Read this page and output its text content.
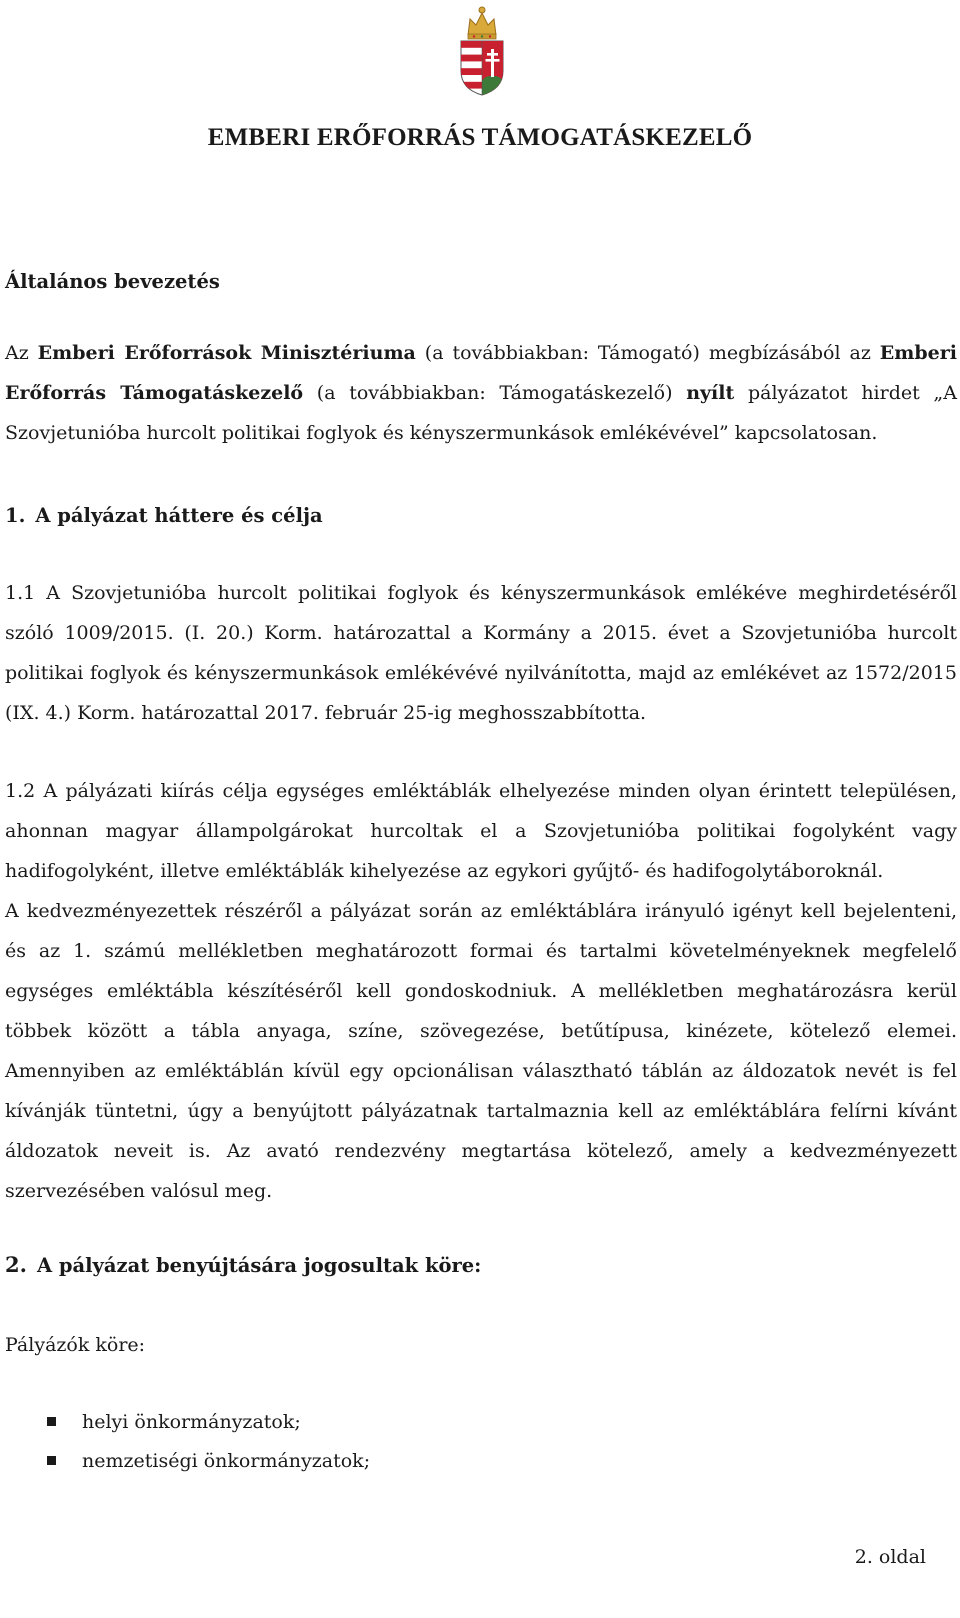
EMBERI ERŐFORRÁS TÁMOGATÁSKEZELŐ
Általános bevezetés

Az Emberi Erőforrások Minisztériuma (a továbbiakban: Támogató) megbízásából az Emberi Erőforrás Támogatáskezelő (a továbbiakban: Támogatáskezelő) nyílt pályázatot hirdet „A Szovjetunióba hurcolt politikai foglyok és kényszermunkások emlékévével” kapcsolatosan.

1. A pályázat háttere és célja

1.1 A Szovjetunióba hurcolt politikai foglyok és kényszermunkások emlékéve meghirdetéséről szóló 1009/2015. (I. 20.) Korm. határozattal a Kormány a 2015. évet a Szovjetunióba hurcolt politikai foglyok és kényszermunkások emlékévévé nyilvánította, majd az emlékévet az 1572/2015 (IX. 4.) Korm. határozattal 2017. február 25-ig meghosszabbította.

1.2 A pályázati kiírás célja egységes emléktáblák elhelyezése minden olyan érintett településen, ahonnan magyar állampolgárokat hurcoltak el a Szovjetunióba politikai fogolyként vagy hadifogolyként, illetve emléktáblák kihelyezése az egykori gyűjtő- és hadifogolytáboroknál.

A kedvezményezettek részéről a pályázat során az emléktáblára irányuló igényt kell bejelenteni, és az 1. számú mellékletben meghatározott formai és tartalmi követelményeknek megfelelő egységes emléktábla készítéséről kell gondoskodniuk. A mellékletben meghatározásra kerül többek között a tábla anyaga, színe, szövegezése, betűtípusa, kinézete, kötelező elemei. Amennyiben az emléktáblán kívül egy opcionálisan választható táblán az áldozatok nevét is fel kívánják tüntetni, úgy a benyújtott pályázatnak tartalmaznia kell az emléktáblára felírni kívánt áldozatok neveit is. Az avató rendezvény megtartása kötelező, amely a kedvezményezett szervezésében valósul meg.

2. A pályázat benyújtására jogosultak köre:

Pályázók köre:

helyi önkormányzatok;
nemzetiségi önkormányzatok;

2. oldal
